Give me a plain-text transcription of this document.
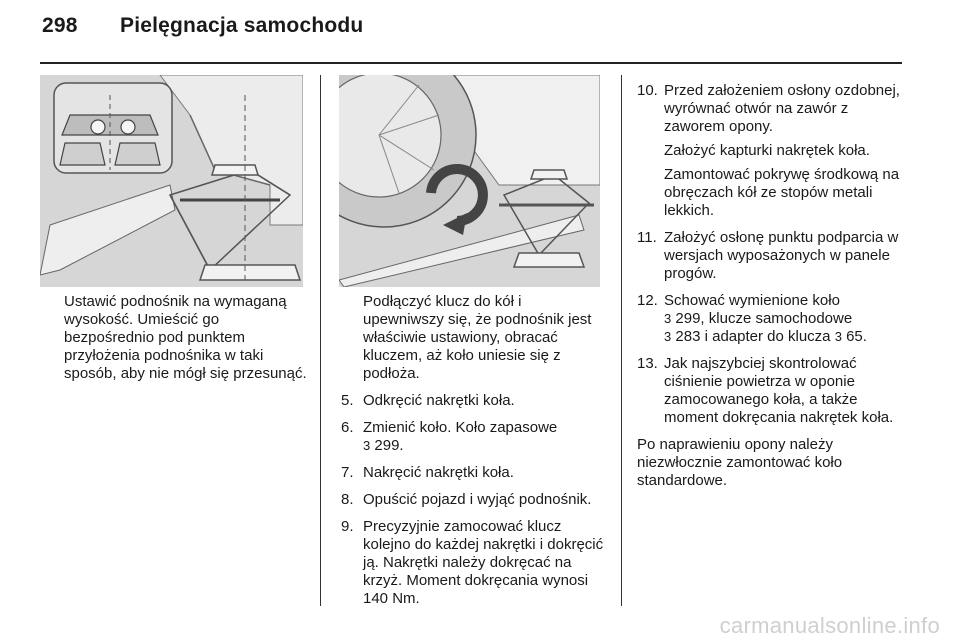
298 Pielęgnacja samochodu

Ustawić podnośnik na wymaganą wysokość. Umieścić go bezpośrednio pod punktem przyłożenia podnośnika w taki sposób, aby nie mógł się przesunąć.

Podłączyć klucz do kół i upewniwszy się, że podnośnik jest właściwie ustawiony, obracać kluczem, aż koło uniesie się z podłoża.

5. Odkręcić nakrętki koła.
6. Zmienić koło. Koło zapasowe
3 299.
7. Nakręcić nakrętki koła.
8. Opuścić pojazd i wyjąć podnośnik.
9. Precyzyjnie zamocować klucz kolejno do każdej nakrętki i dokręcić ją. Nakrętki należy dokręcać na krzyż. Moment dokręcania wynosi 140 Nm.
10. Przed założeniem osłony ozdobnej, wyrównać otwór na zawór z zaworem opony.

Założyć kapturki nakrętek koła.

Zamontować pokrywę środkową na obręczach kół ze stopów metali lekkich.

11. Założyć osłonę punktu podparcia w wersjach wyposażonych w panele progów.
12. Schować wymienione koło
3 299, klucze samochodowe
3 283 i adapter do klucza 3 65.
13. Jak najszybciej skontrolować ciśnienie powietrza w oponie zamocowanego koła, a także moment dokręcania nakrętek koła.

Po naprawieniu opony należy niezwłocznie zamontować koło standardowe.

carmanualsonline.info
